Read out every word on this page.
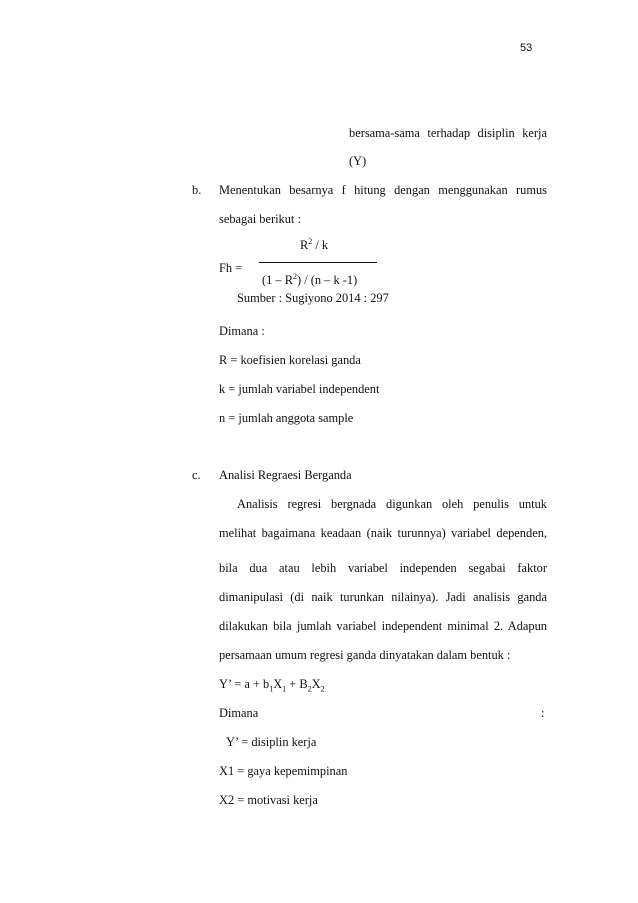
53
bersama-sama terhadap disiplin kerja
(Y)
b. Menentukan besarnya f hitung dengan menggunakan rumus
sebagai berikut :
$R^2$ / k
Fh =
$(1 - R^2) / (n$ – k -1)
Sumber : Sugiyono 2014 : 297
Dimana :
R = koefisien korelasi ganda
k = jumlah variabel independent
n = jumlah anggota sample
c. Analisi Regraesi Berganda
Analisis regresi bergnada digunkan oleh penulis untuk
melihat bagaimana keadaan (naik turunnya) variabel dependen,
bila dua atau lebih variabel independen segabai faktor
dimanipulasi (di naik turunkan nilainya). Jadi analisis ganda
dilakukan bila jumlah variabel independent minimal 2. Adapun
persamaan umum regresi ganda dinyatakan dalam bentuk :
Y’ = $a + b_1X_1 + B_2X_2$
Dimana	:
Y’ = disiplin kerja
X1 = gaya kepemimpinan
X2 = motivasi kerja
